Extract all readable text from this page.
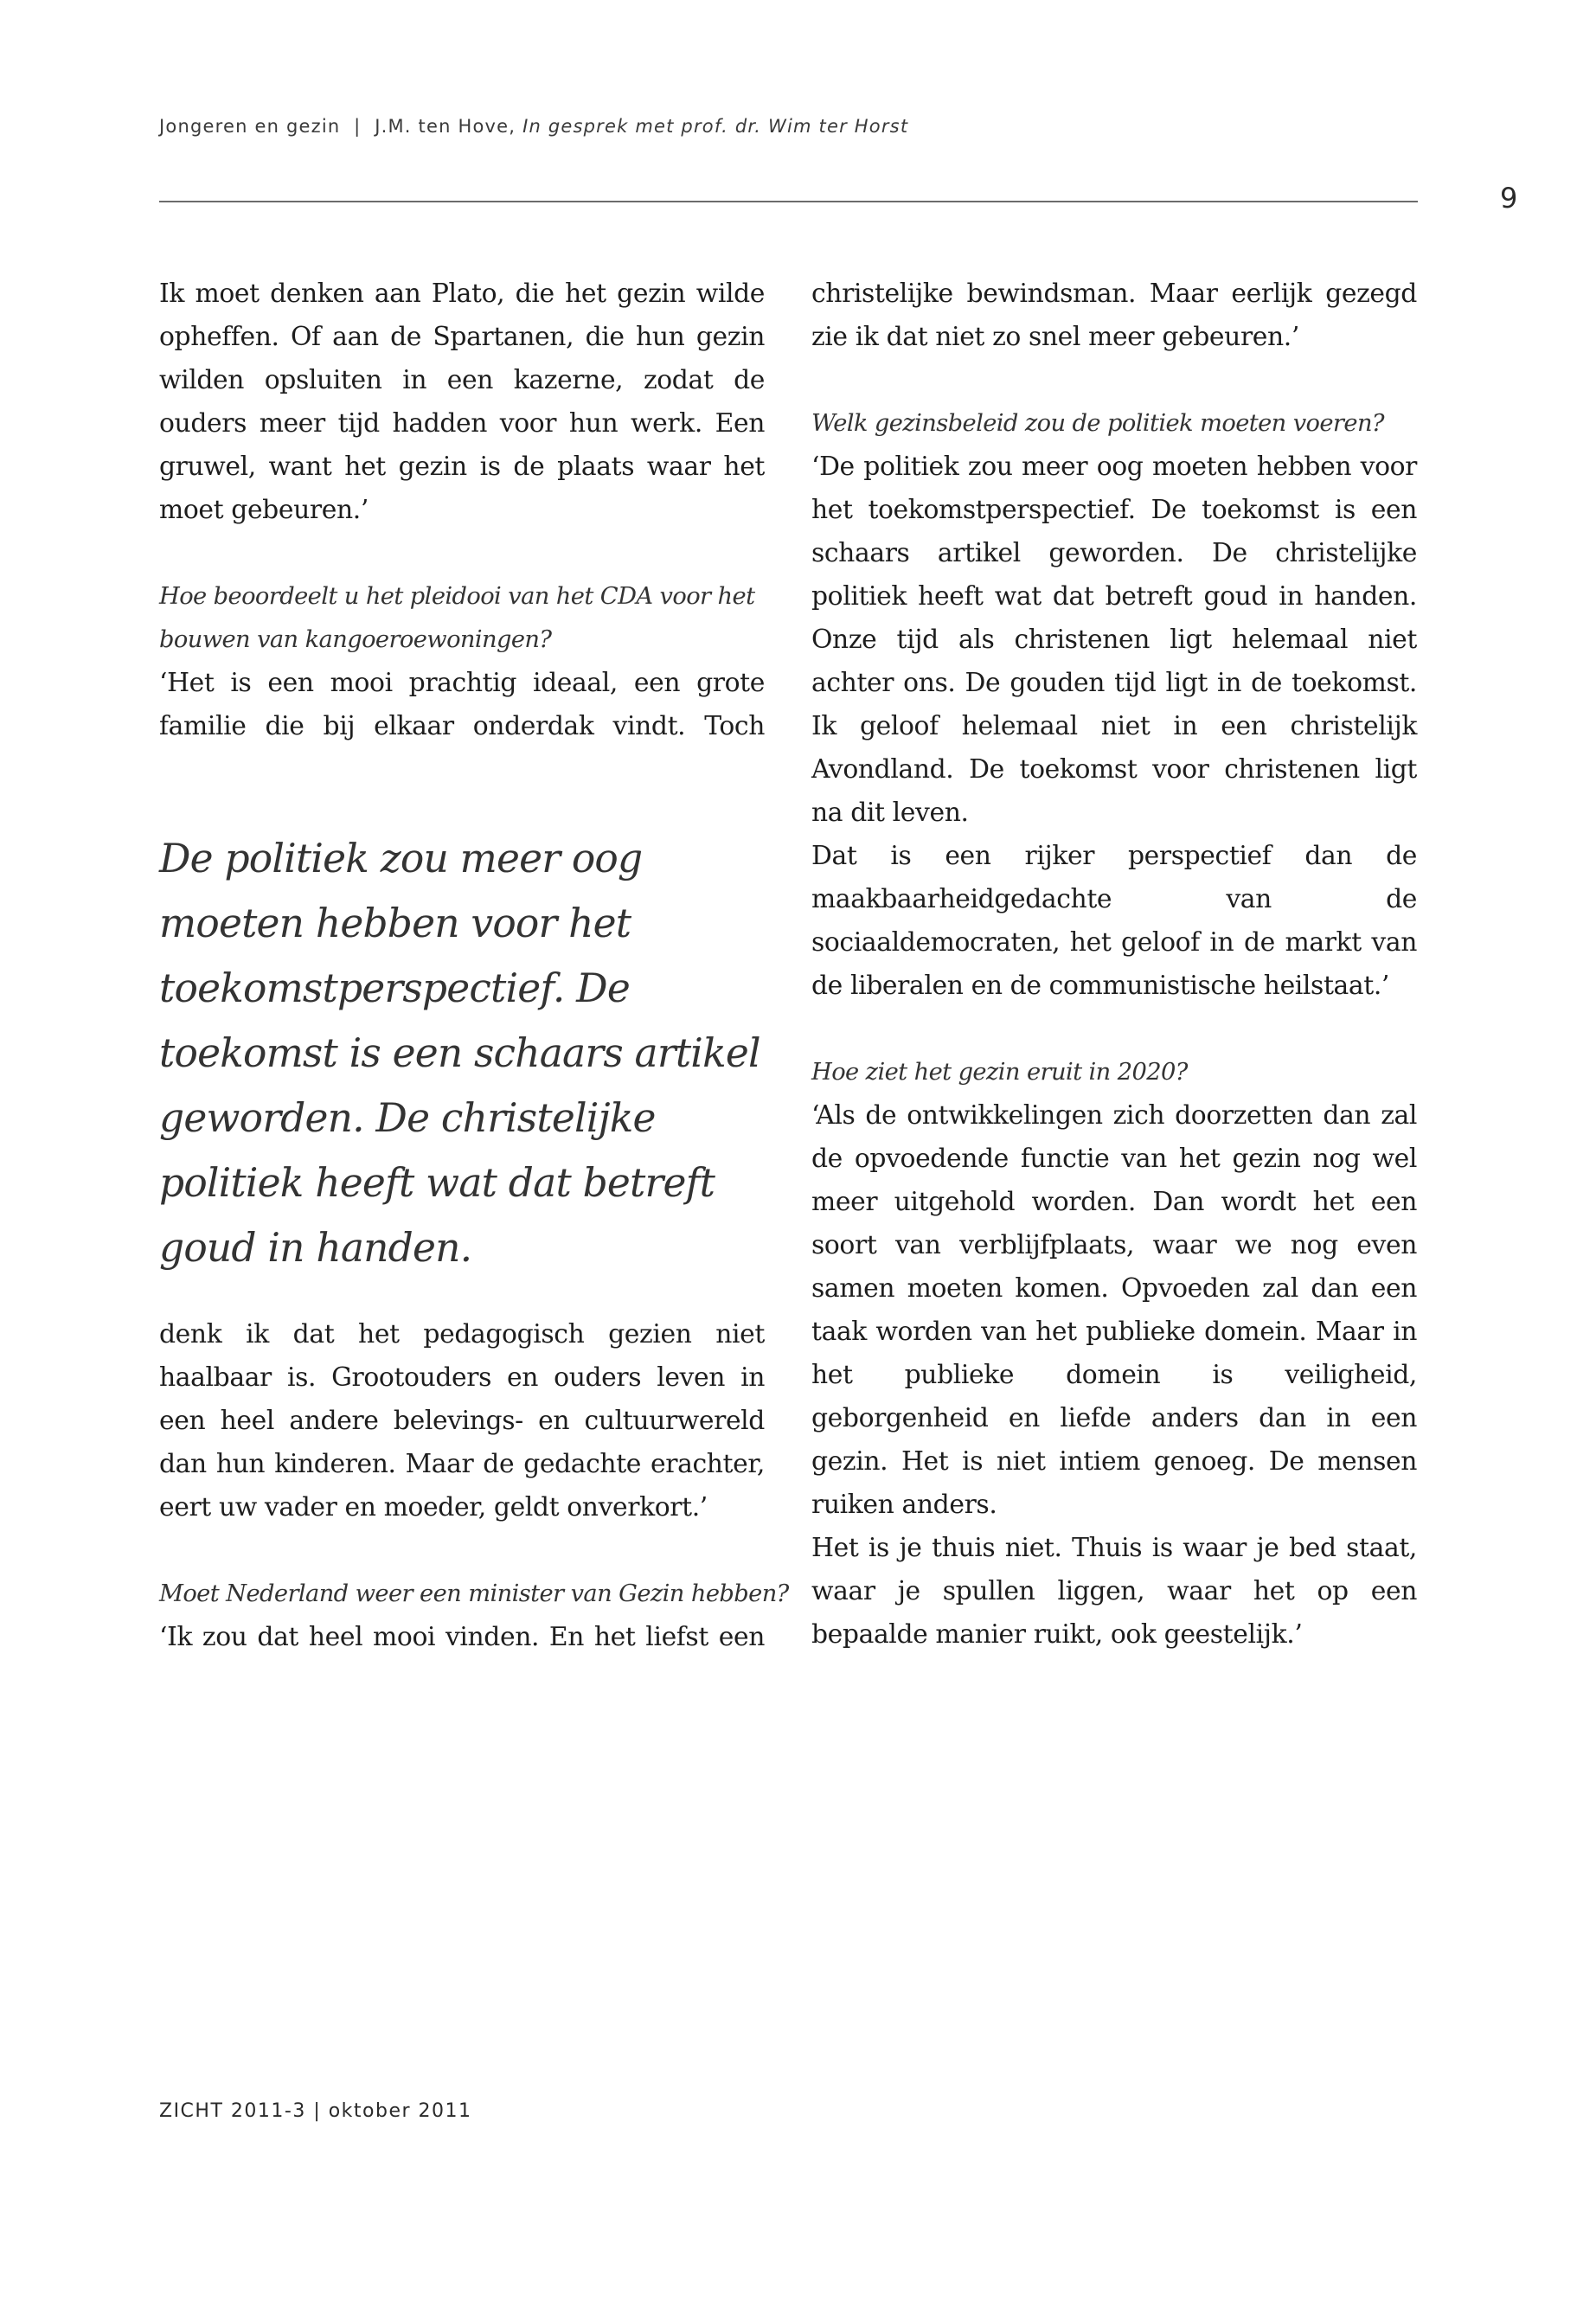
Jongeren en gezin | J.M. ten Hove, In gesprek met prof. dr. Wim ter Horst
9

Ik moet denken aan Plato, die het gezin wilde opheffen. Of aan de Spartanen, die hun gezin wilden opsluiten in een kazerne, zodat de ouders meer tijd hadden voor hun werk. Een gruwel, want het gezin is de plaats waar het moet gebeuren.’

Hoe beoordeelt u het pleidooi van het CDA voor het

bouwen van kangoeroewoningen?

‘Het is een mooi prachtig ideaal, een grote familie die bij elkaar onderdak vindt. Toch

De politiek zou meer oog moeten hebben voor het toekomstperspectief. De toekomst is een schaars artikel geworden. De christelijke politiek heeft wat dat betreft goud in handen.

denk ik dat het pedagogisch gezien niet haalbaar is. Grootouders en ouders leven in een heel andere belevings- en cultuurwereld dan hun kinderen. Maar de gedachte erachter, eert uw vader en moeder, geldt onverkort.’

Moet Nederland weer een minister van Gezin hebben?

‘Ik zou dat heel mooi vinden. En het liefst een

christelijke bewindsman. Maar eerlijk gezegd zie ik dat niet zo snel meer gebeuren.’

Welk gezinsbeleid zou de politiek moeten voeren?

‘De politiek zou meer oog moeten hebben voor het toekomstperspectief. De toekomst is een schaars artikel geworden. De christelijke politiek heeft wat dat betreft goud in handen. Onze tijd als christenen ligt helemaal niet achter ons. De gouden tijd ligt in de toekomst. Ik geloof helemaal niet in een christelijk Avondland. De toekomst voor christenen ligt na dit leven.

Dat is een rijker perspectief dan de maakbaarheidgedachte van de sociaaldemocraten, het geloof in de markt van de liberalen en de communistische heilstaat.’

Hoe ziet het gezin eruit in 2020?

‘Als de ontwikkelingen zich doorzetten dan zal de opvoedende functie van het gezin nog wel meer uitgehold worden. Dan wordt het een soort van verblijfplaats, waar we nog even samen moeten komen. Opvoeden zal dan een taak worden van het publieke domein. Maar in het publieke domein is veiligheid, geborgenheid en liefde anders dan in een gezin. Het is niet intiem genoeg. De mensen ruiken anders.

Het is je thuis niet. Thuis is waar je bed staat, waar je spullen liggen, waar het op een bepaalde manier ruikt, ook geestelijk.’

ZICHT 2011-3 | oktober 2011
